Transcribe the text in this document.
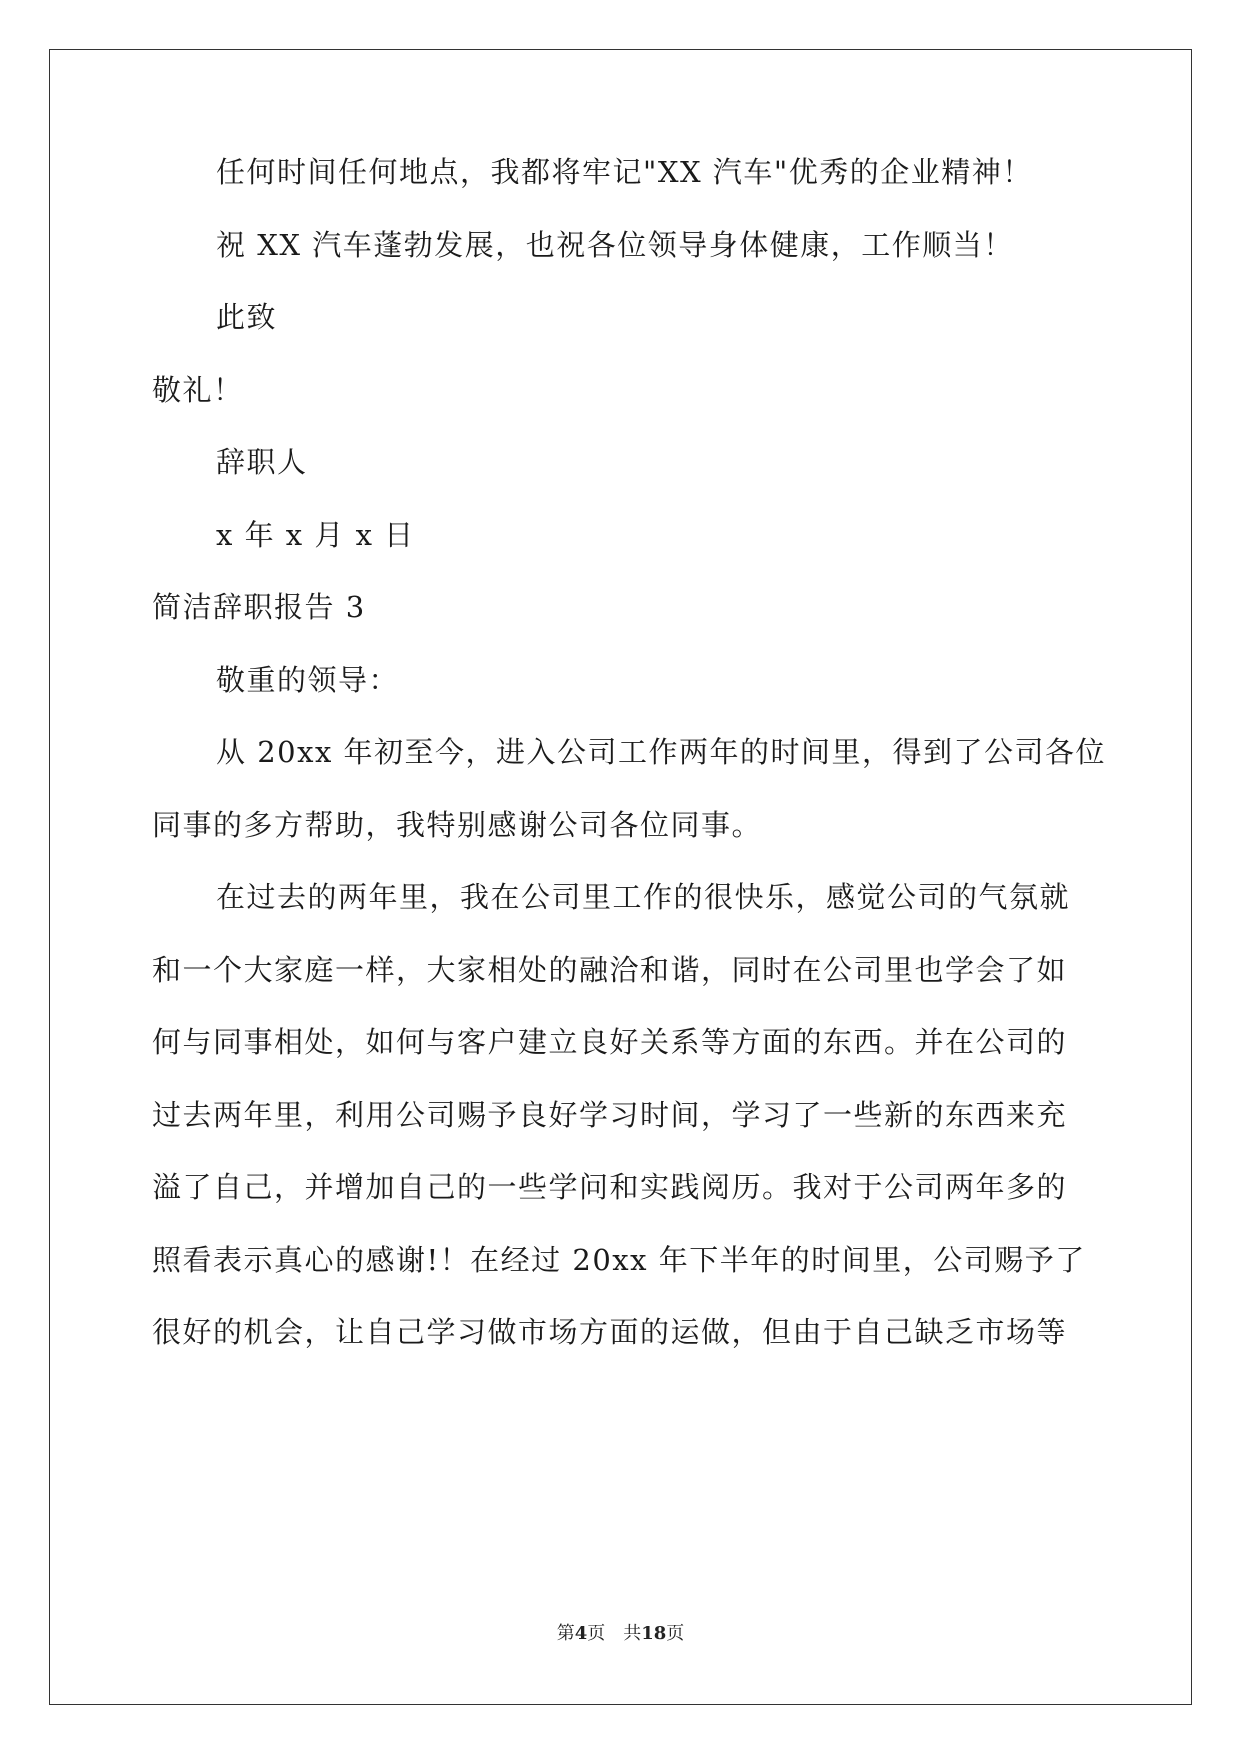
任何时间任何地点，我都将牢记"XX 汽车"优秀的企业精神！
祝 XX 汽车蓬勃发展，也祝各位领导身体健康，工作顺当！
此致
敬礼！
辞职人
x 年 x 月 x 日
简洁辞职报告 3
敬重的领导：
从 20xx 年初至今，进入公司工作两年的时间里，得到了公司各位
同事的多方帮助，我特别感谢公司各位同事。
在过去的两年里，我在公司里工作的很快乐，感觉公司的气氛就
和一个大家庭一样，大家相处的融洽和谐，同时在公司里也学会了如
何与同事相处，如何与客户建立良好关系等方面的东西。并在公司的
过去两年里，利用公司赐予良好学习时间，学习了一些新的东西来充
溢了自己，并增加自己的一些学问和实践阅历。我对于公司两年多的
照看表示真心的感谢!！在经过 20xx 年下半年的时间里，公司赐予了
很好的机会，让自己学习做市场方面的运做，但由于自己缺乏市场等
第4页　共18页
